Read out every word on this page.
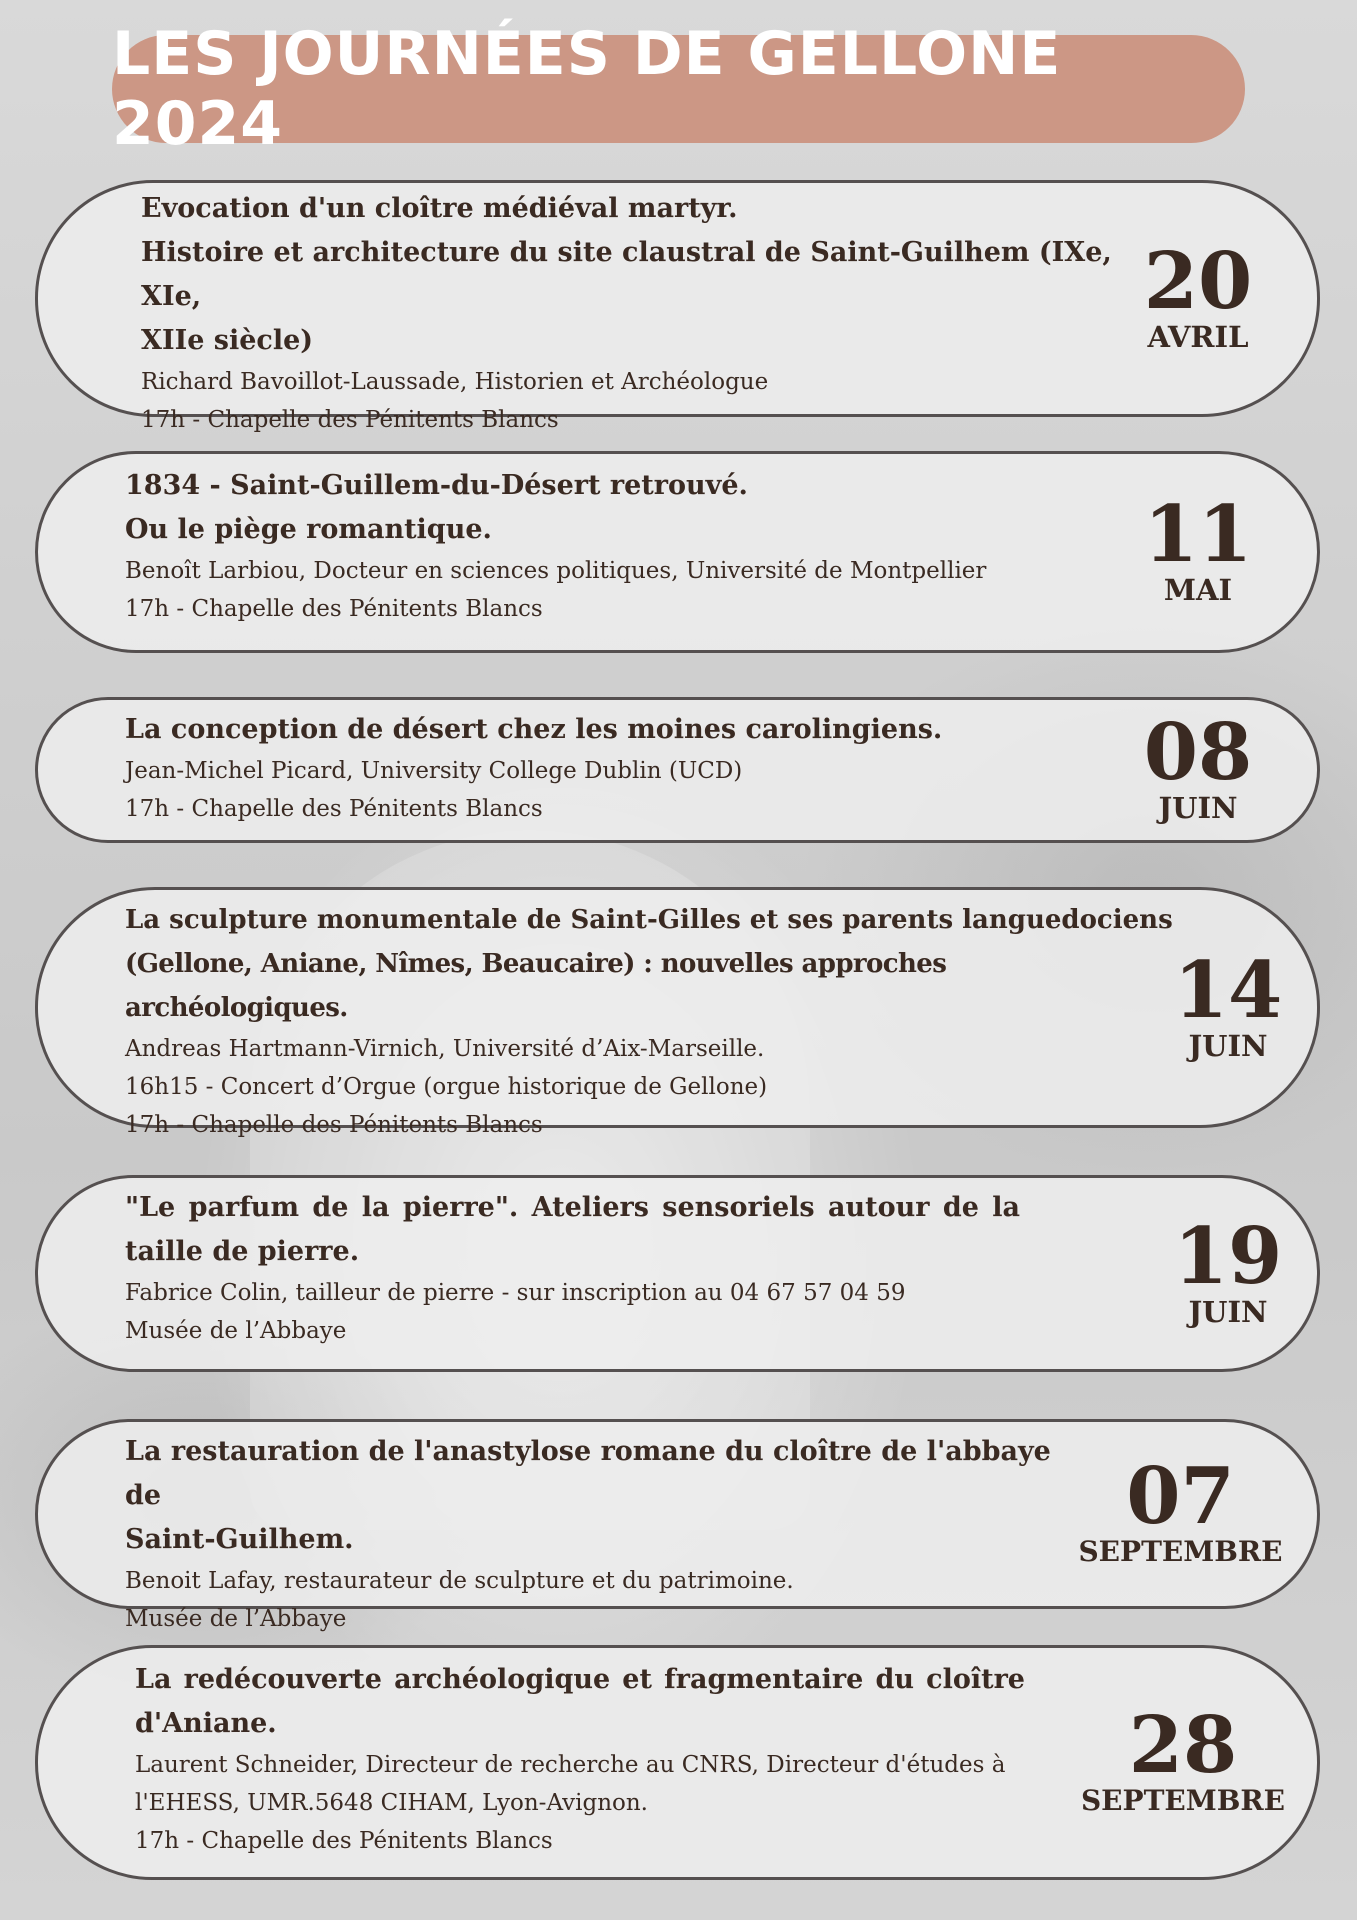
LES JOURNÉES DE GELLONE 2024
Evocation d'un cloître médiéval martyr.
Histoire et architecture du site claustral de Saint-Guilhem (IXe, XIe,
XIIe siècle)
Richard Bavoillot-Laussade, Historien et Archéologue
17h - Chapelle des Pénitents Blancs
20
AVRIL
1834 - Saint-Guillem-du-Désert retrouvé.
Ou le piège romantique.
Benoît Larbiou, Docteur en sciences politiques, Université de Montpellier
17h - Chapelle des Pénitents Blancs
11
MAI
La conception de désert chez les moines carolingiens.
Jean-Michel Picard, University College Dublin (UCD)
17h - Chapelle des Pénitents Blancs
08
JUIN
La sculpture monumentale de Saint-Gilles et ses parents languedociens
(Gellone, Aniane, Nîmes, Beaucaire) : nouvelles approches archéologiques.
Andreas Hartmann-Virnich, Université d’Aix-Marseille.
16h15 - Concert d’Orgue (orgue historique de Gellone)
17h - Chapelle des Pénitents Blancs
14
JUIN
"Le parfum de la pierre". Ateliers sensoriels autour de la
taille de pierre.
Fabrice Colin, tailleur de pierre - sur inscription au 04 67 57 04 59
Musée de l’Abbaye
19
JUIN
La restauration de l'anastylose romane du cloître de l'abbaye de
Saint-Guilhem.
Benoit Lafay, restaurateur de sculpture et du patrimoine.
Musée de l’Abbaye
07
SEPTEMBRE
La redécouverte archéologique et fragmentaire du cloître
d'Aniane.
Laurent Schneider, Directeur de recherche au CNRS, Directeur d'études à
l'EHESS, UMR.5648 CIHAM, Lyon-Avignon.
17h - Chapelle des Pénitents Blancs
28
SEPTEMBRE
